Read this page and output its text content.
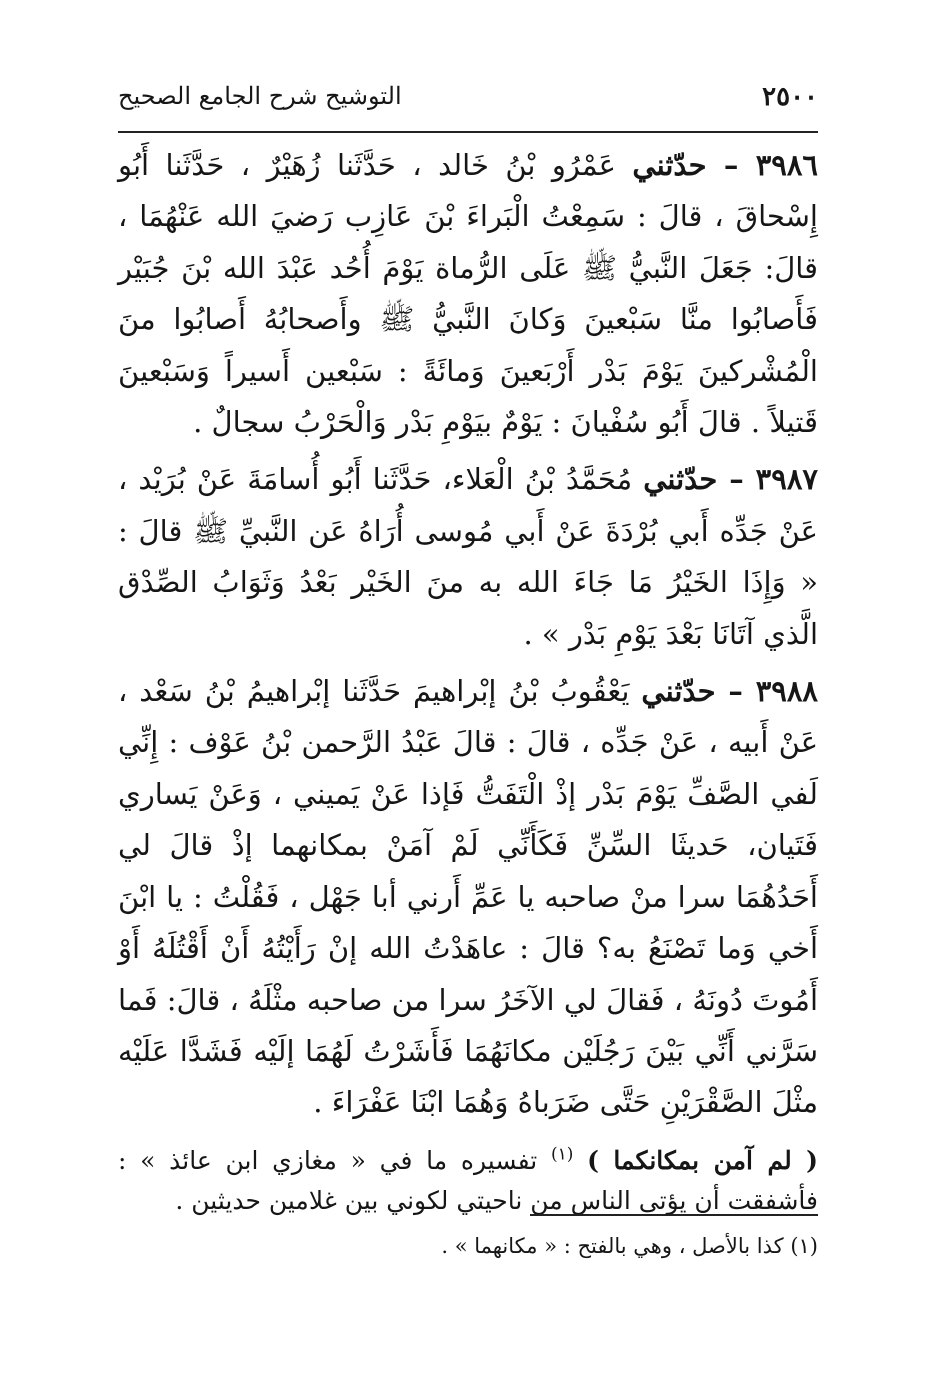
٢٥٠٠
التوشيح شرح الجامع الصحيح

٣٩٨٦ – حدّثني عَمْرُو بْنُ خَالد ، حَدَّثَنا زُهَيْرٌ ، حَدَّثَنا أَبُو إِسْحاقَ ، قالَ : سَمِعْتُ الْبَراءَ بْنَ عَازِب رَضيَ الله عَنْهُمَا ، قالَ: جَعَلَ النَّبيُّ ﷺ عَلَى الرُّماة يَوْمَ أُحُد عَبْدَ الله بْنَ جُبَيْر فَأَصابُوا منَّا سَبْعينَ وَكانَ النَّبيُّ ﷺ وأَصحابُهُ أَصابُوا منَ الْمُشْركينَ يَوْمَ بَدْر أَرْبَعينَ وَمائَةً : سَبْعين أَسيراً وَسَبْعينَ قَتيلاً . قالَ أَبُو سُفْيانَ : يَوْمٌ بيَوْمِ بَدْر وَالْحَرْبُ سجالٌ .

٣٩٨٧ – حدّثني مُحَمَّدُ بْنُ الْعَلاء، حَدَّثَنا أَبُو أُسامَةَ عَنْ بُرَيْد ، عَنْ جَدِّه أَبي بُرْدَةَ عَنْ أَبي مُوسى أُرَاهُ عَن النَّبيِّ ﷺ قالَ : « وَإِذَا الخَيْرُ مَا جَاءَ الله به منَ الخَيْر بَعْدُ وَثَوَابُ الصِّدْق الَّذي آتَانَا بَعْدَ يَوْمِ بَدْر » .

٣٩٨٨ – حدّثني يَعْقُوبُ بْنُ إبْراهيمَ حَدَّثَنا إبْراهيمُ بْنُ سَعْد ، عَنْ أَبيه ، عَنْ جَدِّه ، قالَ : قالَ عَبْدُ الرَّحمن بْنُ عَوْف : إِنِّي لَفي الصَّفِّ يَوْمَ بَدْر إذْ الْتَفَتُّ فَإذا عَنْ يَميني ، وَعَنْ يَساري فَتَيان، حَديثَا السِّنِّ فَكَأَنِّي لَمْ آمَنْ بمكانهما إذْ قالَ لي أَحَدُهُمَا سرا منْ صاحبه يا عَمِّ أَرني أبا جَهْل ، فَقُلْتُ : يا ابْنَ أَخي وَما تَصْنَعُ به؟ قالَ : عاهَدْتُ الله إنْ رَأَيْتُهُ أَنْ أَقْتُلَهُ أَوْ أَمُوتَ دُونَهُ ، فَقالَ لي الآخَرُ سرا من صاحبه مثْلَهُ ، قالَ: فَما سَرَّني أَنِّي بَيْنَ رَجُلَيْن مكانَهُمَا فَأَشَرْتُ لَهُمَا إلَيْه فَشَدَّا عَلَيْه مثْلَ الصَّقْرَيْنِ حَتَّى ضَرَباهُ وَهُمَا ابْنَا عَفْرَاءَ .

( لم آمن بمكانكما ) $^{(١)}$ تفسيره ما في « مغازي ابن عائذ » : فأشفقت أن يؤتى الناس من ناحيتي لكوني بين غلامين حديثين .

(١) كذا بالأصل ، وهي بالفتح : « مكانهما » .
